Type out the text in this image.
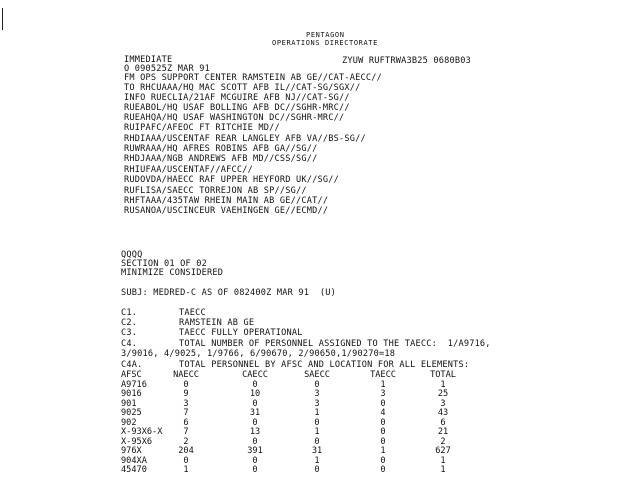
PENTAGON
OPERATIONS DIRECTORATE
IMMEDIATE	ZYUW RUFTRWA3B25 0680B03
O 090525Z MAR 91
FM OPS SUPPORT CENTER RAMSTEIN AB GE//CAT-AECC//
TO RHCUAAA/HQ MAC SCOTT AFB IL//CAT-SG/SGX//
INFO RUECLIA/21AF MCGUIRE AFB NJ//CAT-SG//
RUEABOL/HQ USAF BOLLING AFB DC//SGHR-MRC//
RUEAHQA/HQ USAF WASHINGTON DC//SGHR-MRC//
RUIPAFC/AFEOC FT RITCHIE MD//
RHDIAAA/USCENTAF REAR LANGLEY AFB VA//BS-SG//
RUWRAAA/HQ AFRES ROBINS AFB GA//SG//
RHDJAAA/NGB ANDREWS AFB MD//CSS/SG//
RHIUFAA/USCENTAF//AFCC//
RUDOVDA/HAECC RAF UPPER HEYFORD UK//SG//
RUFLISA/SAECC TORREJON AB SP//SG//
RHFTAAA/435TAW RHEIN MAIN AB GE//CAT//
RUSANOA/USCINCEUR VAEHINGEN GE//ECMD//
QQQQ
SECTION 01 OF 02
MINIMIZE CONSIDERED
SUBJ: MEDRED-C AS OF 082400Z MAR 91  (U)
C1.	TAECC
C2.	RAMSTEIN AB GE
C3.	TAECC FULLY OPERATIONAL
C4.	TOTAL NUMBER OF PERSONNEL ASSIGNED TO THE TAECC:  1/A9716,
3/9016, 4/9025, 1/9766, 6/90670, 2/90650,1/90270=18
C4A.	TOTAL PERSONNEL BY AFSC AND LOCATION FOR ALL ELEMENTS:
AFSC	NAECC	CAECC	SAECC	TAECC	TOTAL
A9716	0	0	0	1	1
9016	9	10	3	3	25
901	3	0	3	0	3
9025	7	31	1	4	43
902	6	0	0	0	6
X-93X6-X	7	13	1	0	21
X-95X6	2	0	0	0	2
976X	204	391	31	1	627
904XA	0	0	1	0	1
45470	1	0	0	0	1
